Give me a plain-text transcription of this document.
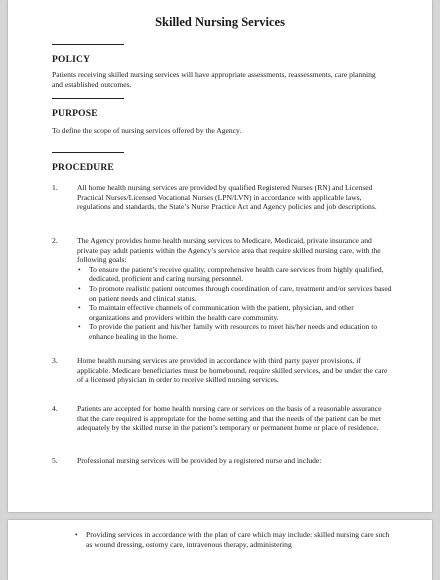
Skilled Nursing Services
POLICY
Patients receiving skilled nursing services will have appropriate assessments, reassessments, care planning and established outcomes.
PURPOSE
To define the scope of nursing services offered by the Agency.
PROCEDURE
1.	All home health nursing services are provided by qualified Registered Nurses (RN) and Licensed Practical Nurses/Licensed Vocational Nurses (LPN/LVN) in accordance with applicable laws, regulations and standards, the State’s Nurse Practice Act and Agency policies and job descriptions.
2.	The Agency provides home health nursing services to Medicare, Medicaid, private insurance and private pay adult patients within the Agency’s service area that require skilled nursing care, with the following goals:
• To ensure the patient’s receive quality, comprehensive health care services from highly qualified, dedicated, proficient and caring nursing personnel.
• To promote realistic patient outcomes through coordination of care, treatment and/or services based on patient needs and clinical status.
• To maintain effective channels of communication with the patient, physician, and other organizations and providers within the health care community.
• To provide the patient and his/her family with resources to meet his/her needs and education to enhance healing in the home.
3.	Home health nursing services are provided in accordance with third party payer provisions, if applicable. Medicare beneficiaries must be homebound, require skilled services, and be under the care of a licensed physician in order to receive skilled nursing services.
4.	Patients are accepted for home health nursing care or services on the basis of a reasonable assurance that the care required is appropriate for the home setting and that the needs of the patient can be met adequately by the skilled nurse in the patient’s temporary or permanent home or place of residence.
5.	Professional nursing services will be provided by a registered nurse and include:
• Providing services in accordance with the plan of care which may include: skilled nursing care such as wound dressing, ostomy care, intravenous therapy, administering
